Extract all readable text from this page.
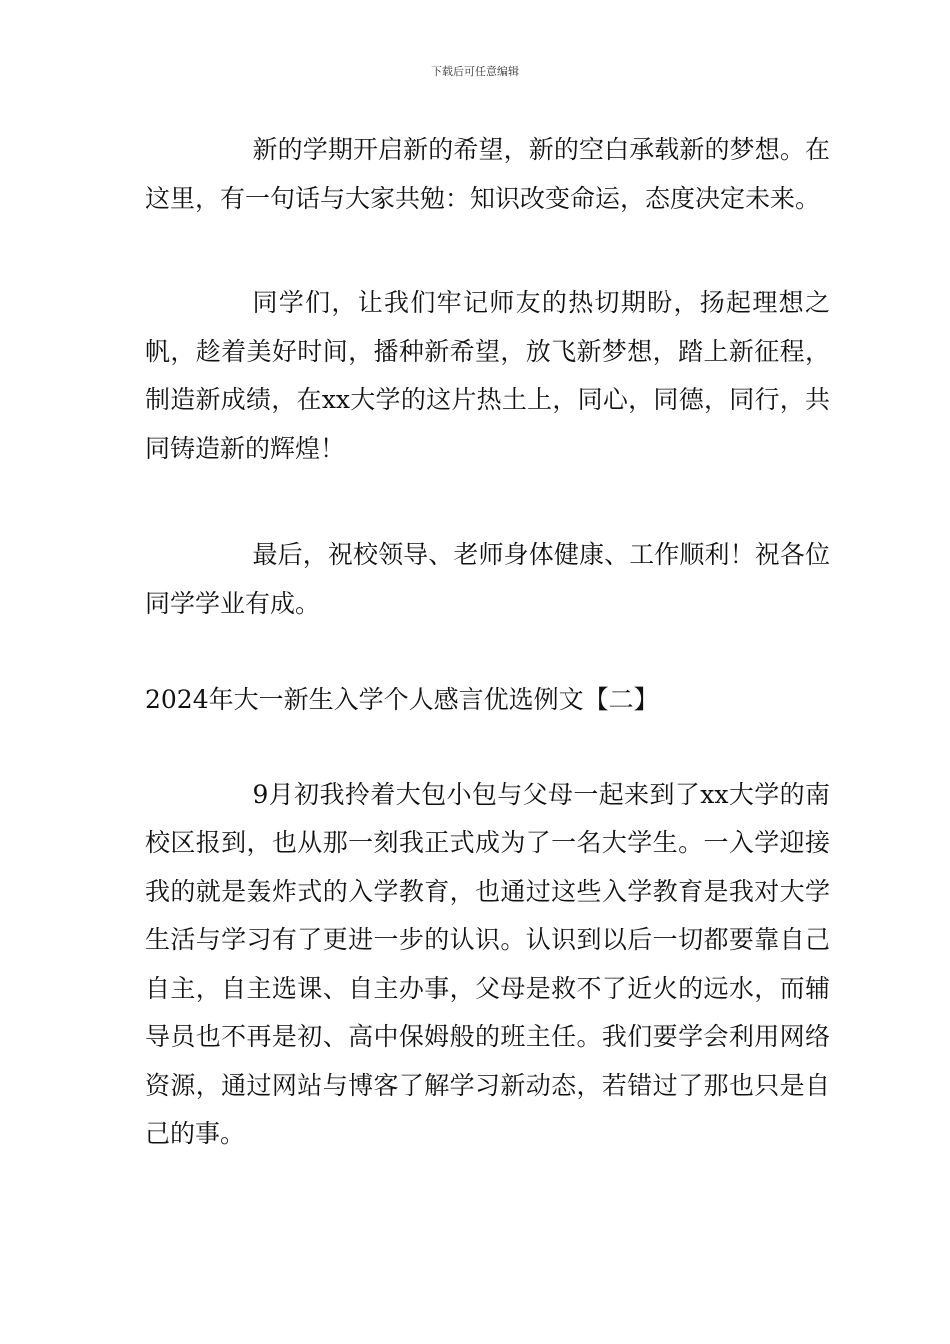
下载后可任意编辑

新的学期开启新的希望，新的空白承载新的梦想。在这里，有一句话与大家共勉：知识改变命运，态度决定未来。

同学们，让我们牢记师友的热切期盼，扬起理想之帆，趁着美好时间，播种新希望，放飞新梦想，踏上新征程，制造新成绩，在xx大学的这片热土上，同心，同德，同行，共同铸造新的辉煌！

最后，祝校领导、老师身体健康、工作顺利！祝各位同学学业有成。

2024年大一新生入学个人感言优选例文【二】

9月初我拎着大包小包与父母一起来到了xx大学的南校区报到，也从那一刻我正式成为了一名大学生。一入学迎接我的就是轰炸式的入学教育，也通过这些入学教育是我对大学生活与学习有了更进一步的认识。认识到以后一切都要靠自己自主，自主选课、自主办事，父母是救不了近火的远水，而辅导员也不再是初、高中保姆般的班主任。我们要学会利用网络资源，通过网站与博客了解学习新动态，若错过了那也只是自己的事。
